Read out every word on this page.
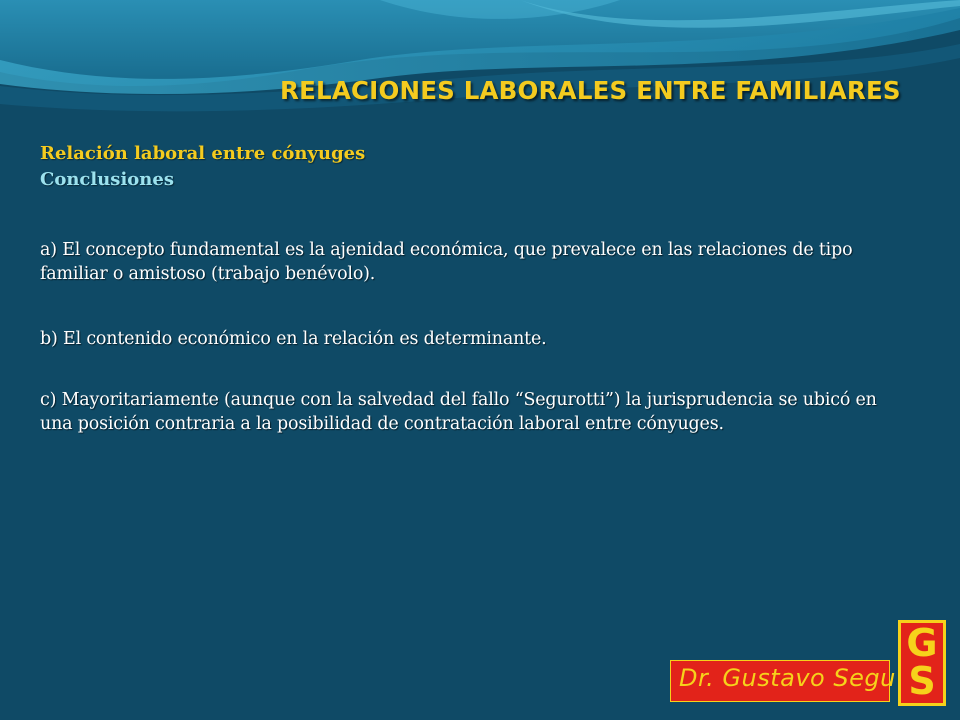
RELACIONES LABORALES ENTRE FAMILIARES
Relación laboral entre cónyuges
Conclusiones

a) El concepto fundamental es la ajenidad económica, que prevalece en las relaciones de tipo familiar o amistoso (trabajo benévolo).

b) El contenido económico en la relación es determinante.

c) Mayoritariamente (aunque con la salvedad del fallo “Segurotti”) la jurisprudencia se ubicó en una posición contraria a la posibilidad de contratación laboral entre cónyuges.

Dr. Gustavo Segu
G
S
